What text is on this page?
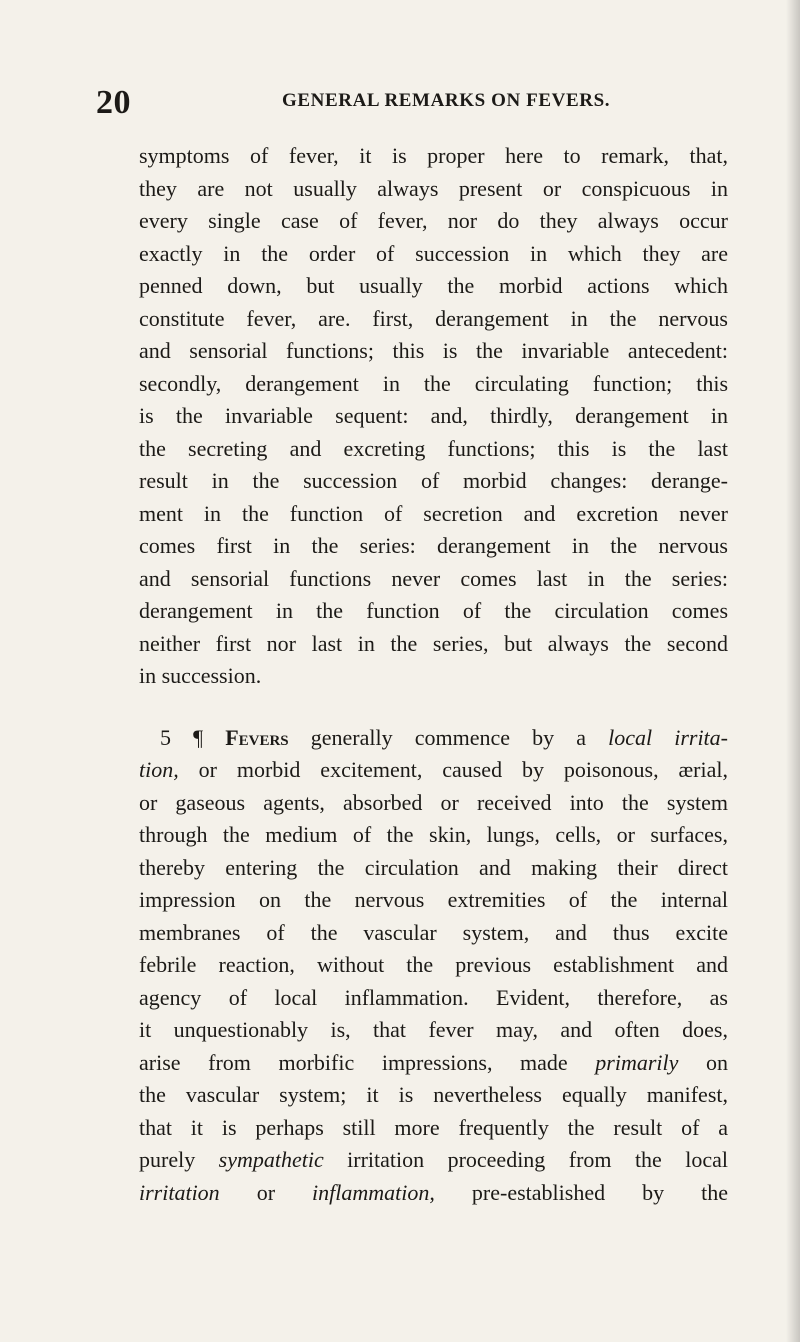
20	GENERAL REMARKS ON FEVERS.
symptoms of fever, it is proper here to remark, that,
they are not usually always present or conspicuous in
every single case of fever, nor do they always occur
exactly in the order of succession in which they are
penned down, but usually the morbid actions which
constitute fever, are. first, derangement in the nervous
and sensorial functions; this is the invariable antecedent:
secondly, derangement in the circulating function; this
is the invariable sequent: and, thirdly, derangement in
the secreting and excreting functions; this is the last
result in the succession of morbid changes: derange-
ment in the function of secretion and excretion never
comes first in the series: derangement in the nervous
and sensorial functions never comes last in the series:
derangement in the function of the circulation comes
neither first nor last in the series, but always the second
in succession.
5 ¶ Fevers generally commence by a local irrita-
tion, or morbid excitement, caused by poisonous, ærial,
or gaseous agents, absorbed or received into the system
through the medium of the skin, lungs, cells, or surfaces,
thereby entering the circulation and making their direct
impression on the nervous extremities of the internal
membranes of the vascular system, and thus excite
febrile reaction, without the previous establishment and
agency of local inflammation. Evident, therefore, as
it unquestionably is, that fever may, and often does,
arise from morbific impressions, made primarily on
the vascular system; it is nevertheless equally manifest,
that it is perhaps still more frequently the result of a
purely sympathetic irritation proceeding from the local
irritation or inflammation, pre-established by the
